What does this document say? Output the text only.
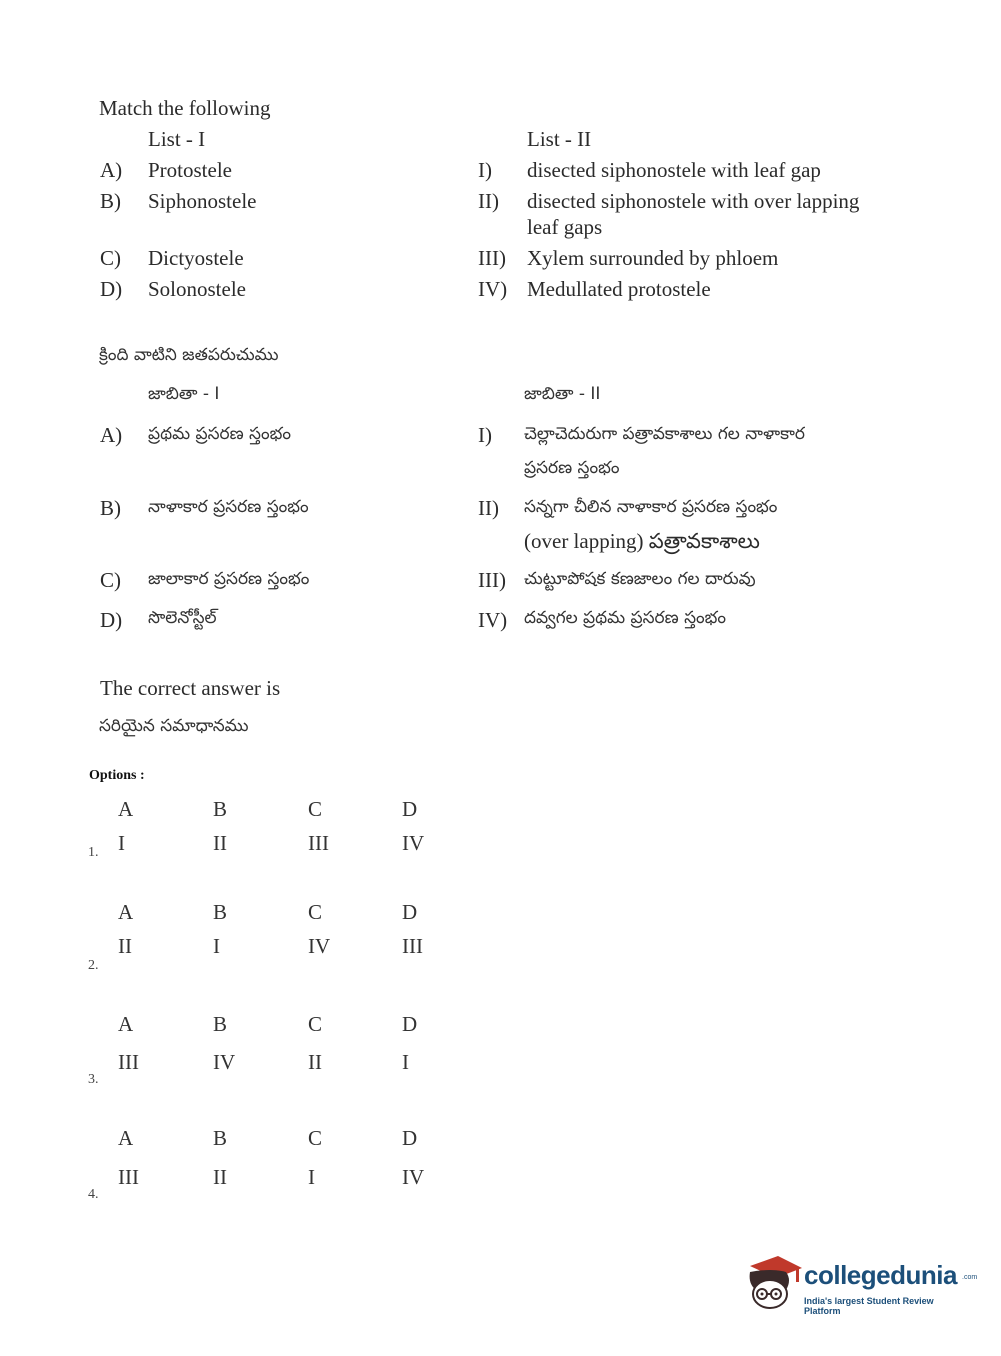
Match the following
List - I	List - II
A) Protostele	I) disected siphonostele with leaf gap
B) Siphonostele	II) disected siphonostele with over lapping
leaf gaps
C) Dictyostele	III) Xylem surrounded by phloem
D) Solonostele	IV) Medullated protostele
క్రింది వాటిని జతపరుచుము
జాబితా - I	జాబితా - II
A) ప్రథమ ప్రసరణ స్తంభం	I) చెల్లాచెదురుగా పత్రావకాశాలు గల నాళాకార
ప్రసరణ స్తంభం
B) నాళాకార ప్రసరణ స్తంభం	II) సన్నగా చీలిన నాళాకార ప్రసరణ స్తంభం
(over lapping) పత్రావకాశాలు
C) జాలాకార ప్రసరణ స్తంభం	III) చుట్టూపోషక కణజాలం గల దారువు
D) సొలెనోస్టీల్	IV) దవ్వగల ప్రథమ ప్రసరణ స్తంభం
The correct answer is
సరియైన సమాధానము
Options :
A	B	C	D
I	II	III	IV
1.
A	B	C	D
II	I	IV	III
2.
A	B	C	D
III	IV	II	I
3.
A	B	C	D
III	II	I	IV
4.
collegedunia .com
India's largest Student Review Platform
